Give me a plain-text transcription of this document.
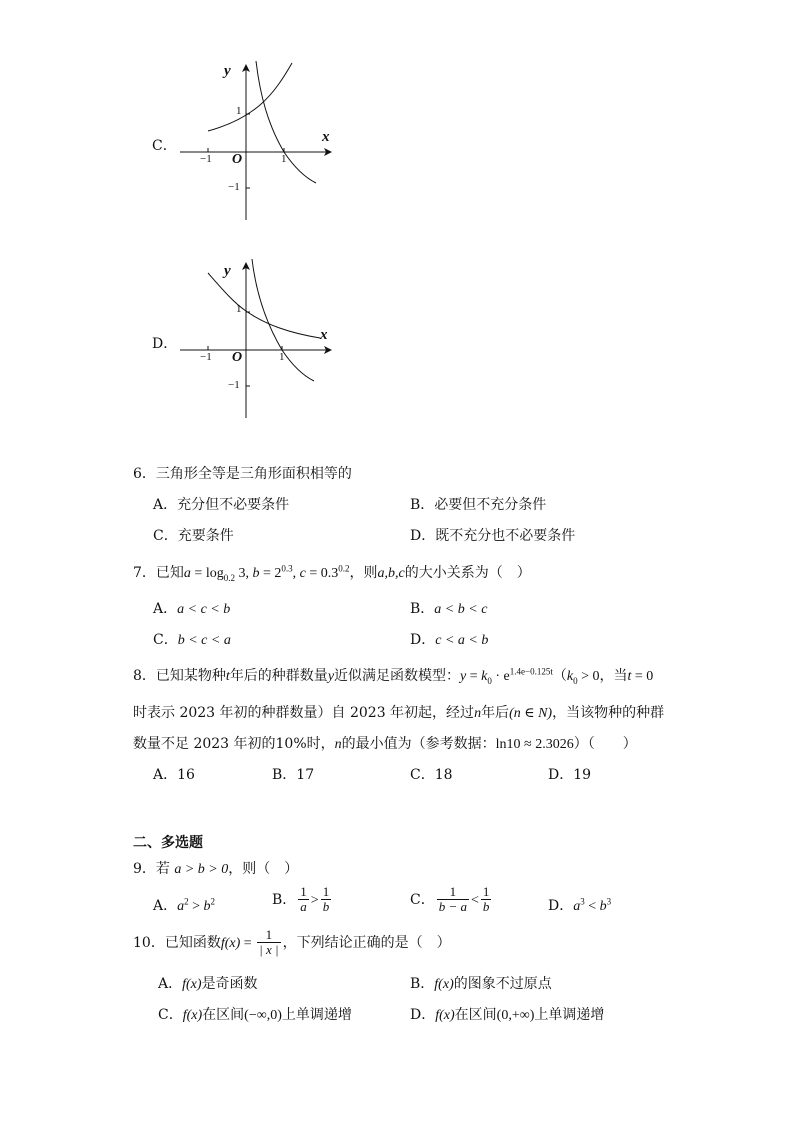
C．
y
x
O
1
−1
−1	1
D．
y
x
O
1
−1
−1	1
6．三角形全等是三角形面积相等的
A．充分但不必要条件	B．必要但不充分条件
C．充要条件	D．既不充分也不必要条件
7．已知$a = \log_{0.2} 3$, $b = 2^{0.3}$, $c = 0.3^{0.2}$，则a,b,c的大小关系为（　）
A．a < c < b	B．a < b < c
C．b < c < a	D．c < a < b
8．已知某物种t年后的种群数量y近似满足函数模型：$y = k_0 \cdot e^{1.4e-0.125t}(k_0 > 0$，当t = 0
时表示 2023 年初的种群数量）自 2023 年初起，经过n年后(n ∈ N)，当该物种的种群
数量不足 2023 年初的10%时，n的最小值为（参考数据：ln10 ≈ 2.3026）（　　）
A．16	B．17	C．18	D．19
二、多选题
9．若 a > b > 0，则（　）
A．$a^2 > b^2$	B． $\frac{1}{a} > \frac{1}{b}$	C． $\frac{1}{b - a} < \frac{1}{b}$	D．$a^3 < b^3$
10．已知函数$f(x) = \frac{1}{| x |}$ ，下列结论正确的是（　）
A．f(x)是奇函数	B．f(x)的图象不过原点
C．f(x)在区间(−∞,0)上单调递增	D．f(x)在区间(0,+∞)上单调递增
